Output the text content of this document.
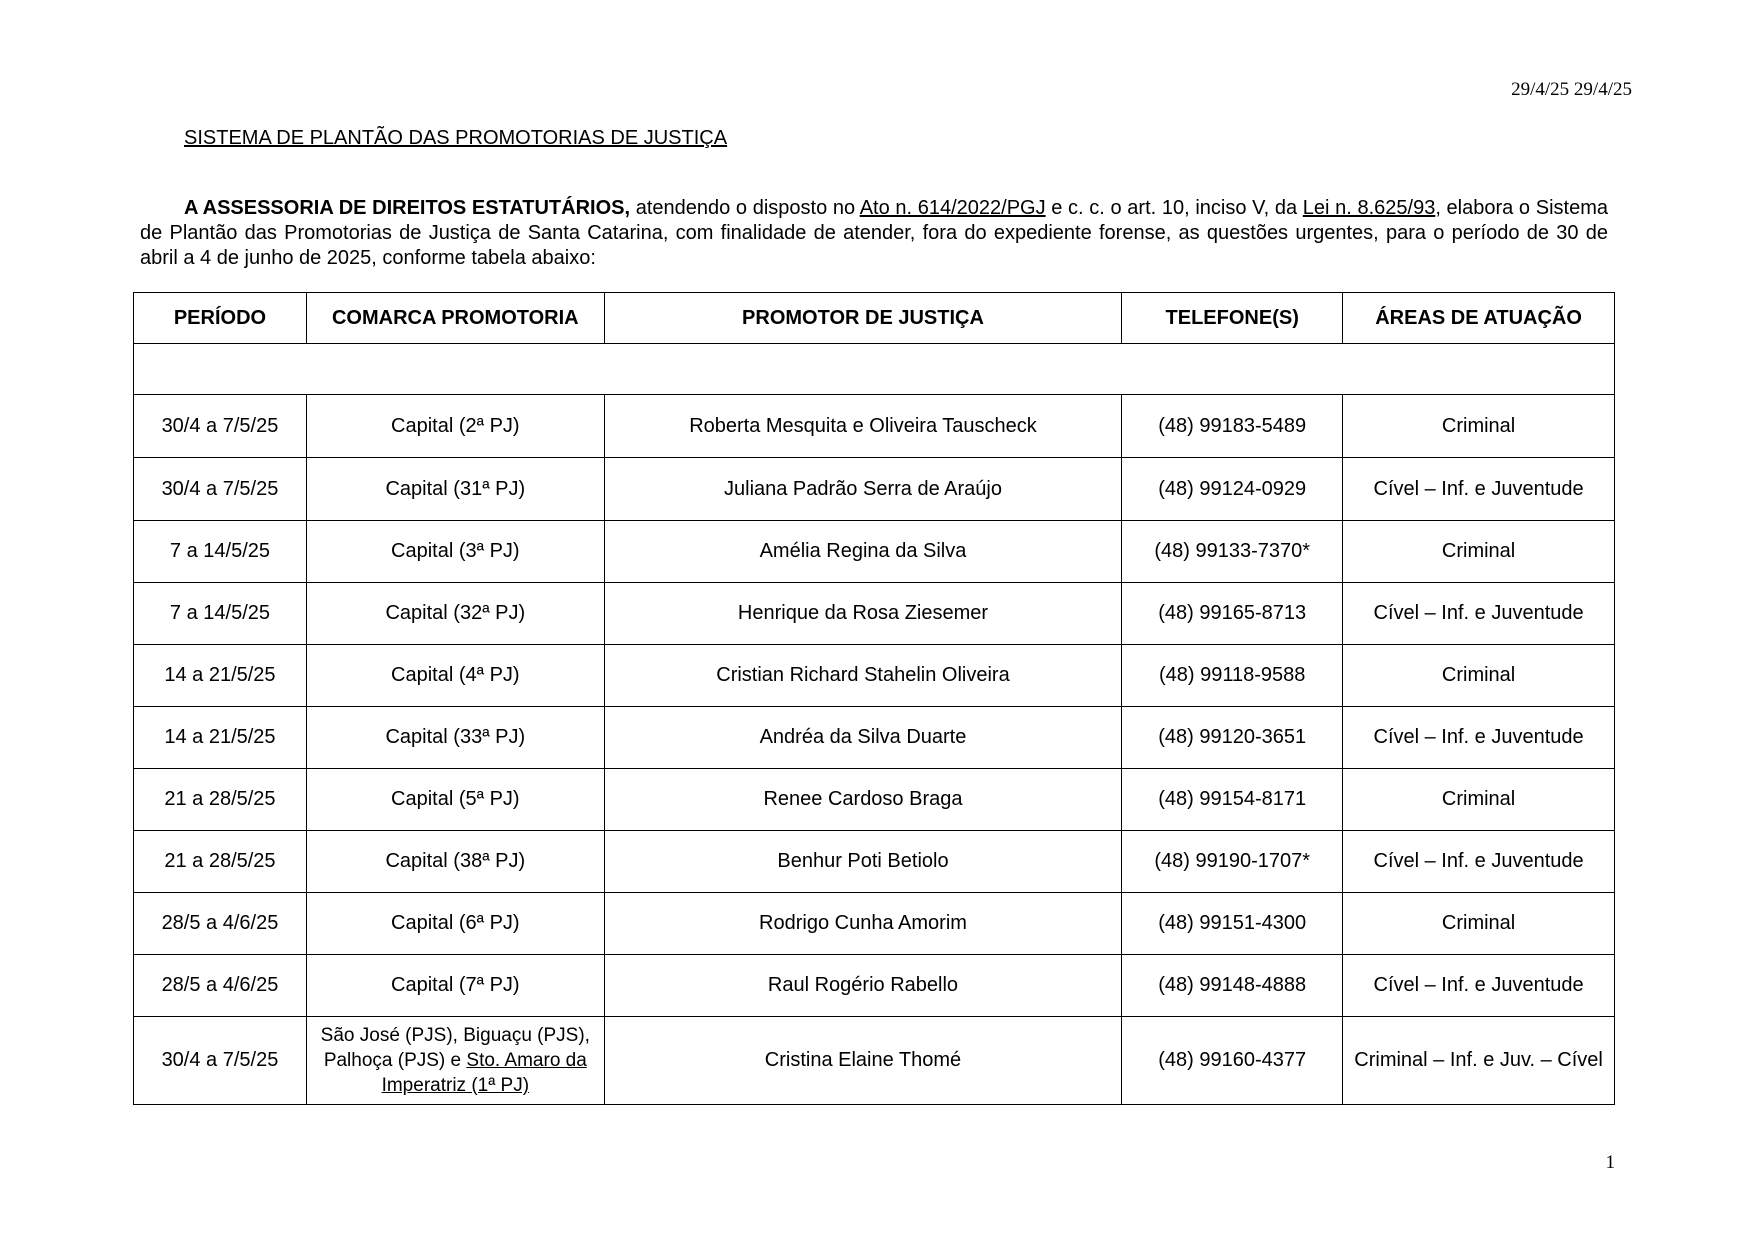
29/4/25 29/4/25
SISTEMA DE PLANTÃO DAS PROMOTORIAS DE JUSTIÇA
A ASSESSORIA DE DIREITOS ESTATUTÁRIOS, atendendo o disposto no Ato n. 614/2022/PGJ e c. c. o art. 10, inciso V, da Lei n. 8.625/93, elabora o Sistema de Plantão das Promotorias de Justiça de Santa Catarina, com finalidade de atender, fora do expediente forense, as questões urgentes, para o período de 30 de abril a 4 de junho de 2025, conforme tabela abaixo:
PERÍODO	COMARCA PROMOTORIA	PROMOTOR DE JUSTIÇA	TELEFONE(S)	ÁREAS DE ATUAÇÃO

30/4 a 7/5/25	Capital (2ª PJ)	Roberta Mesquita e Oliveira Tauscheck	(48) 99183-5489	Criminal
30/4 a 7/5/25	Capital (31ª PJ)	Juliana Padrão Serra de Araújo	(48) 99124-0929	Cível – Inf. e Juventude
7 a 14/5/25	Capital (3ª PJ)	Amélia Regina da Silva	(48) 99133-7370*	Criminal
7 a 14/5/25	Capital (32ª PJ)	Henrique da Rosa Ziesemer	(48) 99165-8713	Cível – Inf. e Juventude
14 a 21/5/25	Capital (4ª PJ)	Cristian Richard Stahelin Oliveira	(48) 99118-9588	Criminal
14 a 21/5/25	Capital (33ª PJ)	Andréa da Silva Duarte	(48) 99120-3651	Cível – Inf. e Juventude
21 a 28/5/25	Capital (5ª PJ)	Renee Cardoso Braga	(48) 99154-8171	Criminal
21 a 28/5/25	Capital (38ª PJ)	Benhur Poti Betiolo	(48) 99190-1707*	Cível – Inf. e Juventude
28/5 a 4/6/25	Capital (6ª PJ)	Rodrigo Cunha Amorim	(48) 99151-4300	Criminal
28/5 a 4/6/25	Capital (7ª PJ)	Raul Rogério Rabello	(48) 99148-4888	Cível – Inf. e Juventude
30/4 a 7/5/25	São José (PJS), Biguaçu (PJS),
Palhoça (PJS) e Sto. Amaro da
Imperatriz (1ª PJ)	Cristina Elaine Thomé	(48) 99160-4377	Criminal – Inf. e Juv. – Cível
1
